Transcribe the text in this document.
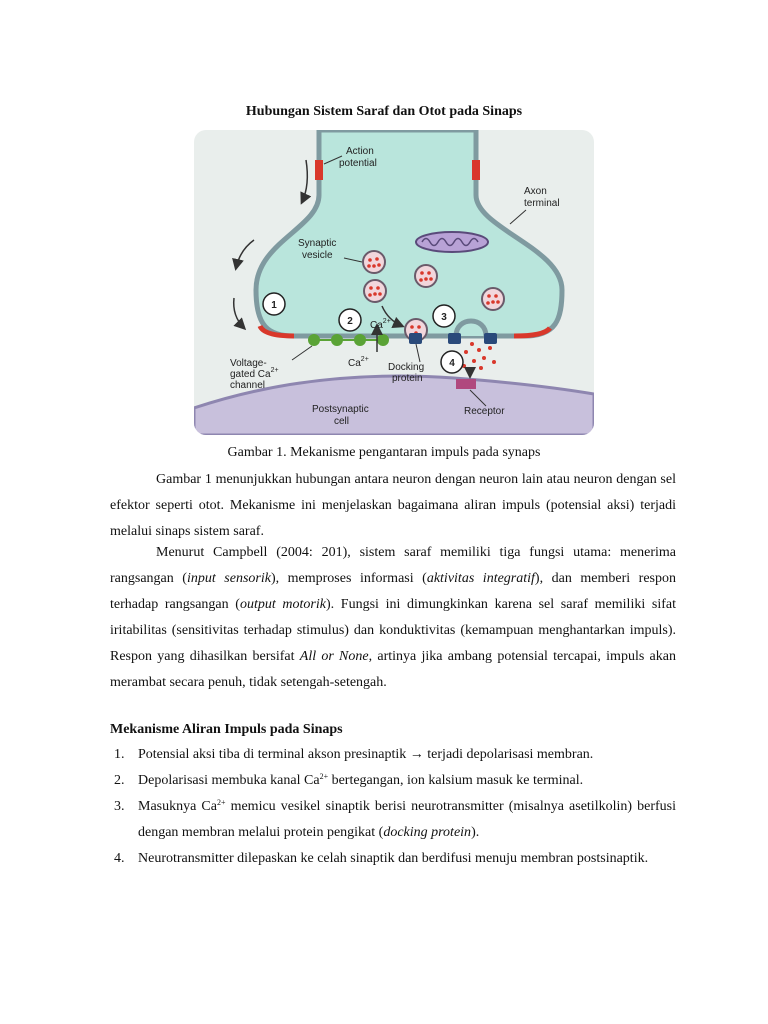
Hubungan Sistem Saraf dan Otot pada Sinaps
1
2	3
4
Action
potential
Axon
terminal
Synaptic
vesicle
$Ca^{2+}$
$Ca^{2+}$
Voltage-
gated $Ca^{2+}$
channel
Docking
protein
Postsynaptic
cell
Receptor
Gambar 1. Mekanisme pengantaran impuls pada synaps

Gambar 1 menunjukkan hubungan antara neuron dengan neuron lain atau neuron dengan sel efektor seperti otot. Mekanisme ini menjelaskan bagaimana aliran impuls (potensial aksi) terjadi melalui sinaps sistem saraf.

Menurut Campbell (2004: 201), sistem saraf memiliki tiga fungsi utama: menerima rangsangan (input sensorik), memproses informasi (aktivitas integratif), dan memberi respon terhadap rangsangan (output motorik). Fungsi ini dimungkinkan karena sel saraf memiliki sifat iritabilitas (sensitivitas terhadap stimulus) dan konduktivitas (kemampuan menghantarkan impuls). Respon yang dihasilkan bersifat All or None, artinya jika ambang potensial tercapai, impuls akan merambat secara penuh, tidak setengah-setengah.

Mekanisme Aliran Impuls pada Sinaps
1. Potensial aksi tiba di terminal akson presinaptik → terjadi depolarisasi membran.
2. Depolarisasi membuka kanal $Ca^{2+}$ bertegangan, ion kalsium masuk ke terminal.
3. Masuknya $Ca^{2+}$ memicu vesikel sinaptik berisi neurotransmitter (misalnya asetilkolin) berfusi dengan membran melalui protein pengikat (docking protein).
4. Neurotransmitter dilepaskan ke celah sinaptik dan berdifusi menuju membran postsinaptik.
